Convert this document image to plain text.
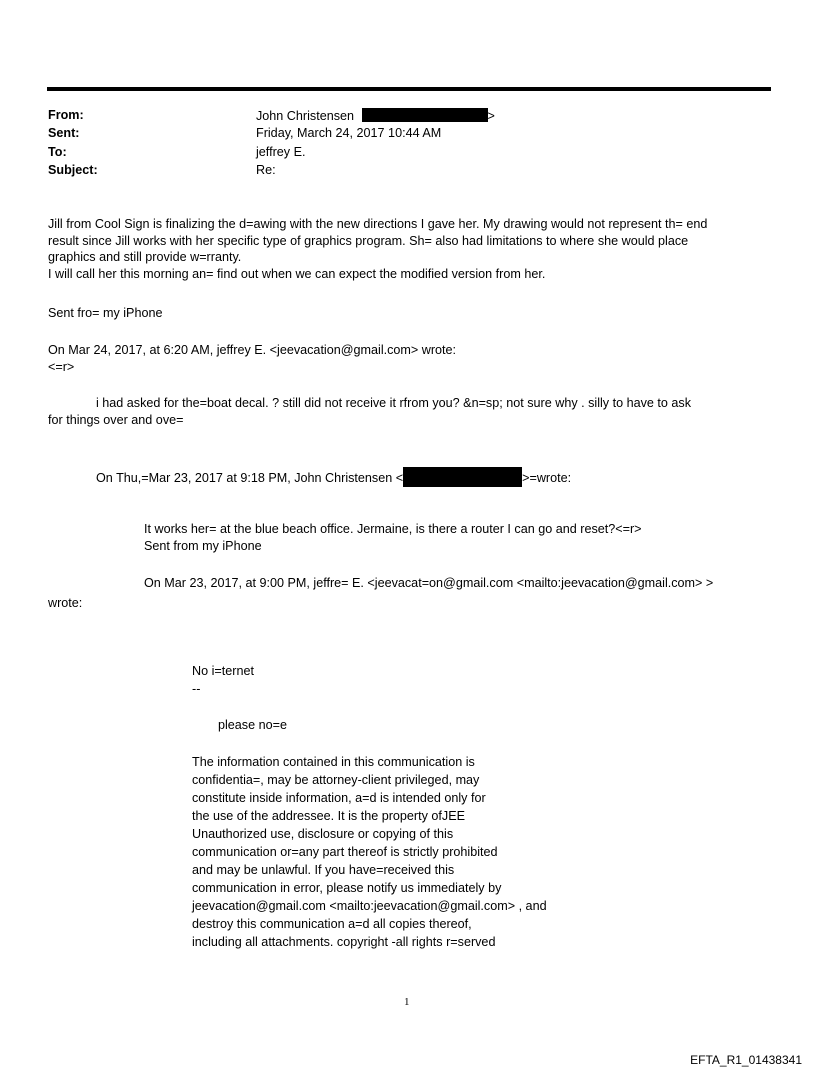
From:	John Christensen	>
Sent:	Friday, March 24, 2017 10:44 AM
To:	jeffrey E.
Subject:	Re:
Jill from Cool Sign is finalizing the d=awing with the new directions I gave her. My drawing would not represent th= end
result since Jill works with her specific type of graphics program. Sh= also had limitations to where she would place
graphics and still provide w=rranty.
I will call her this morning an= find out when we can expect the modified version from her.
Sent fro= my iPhone
On Mar 24, 2017, at 6:20 AM, jeffrey E. <jeevacation@gmail.com> wrote:
<=r>
i had asked for the=boat decal. ? still did not receive it rfrom you? &n=sp; not sure why . silly to have to ask
for things over and ove=
On Thu,=Mar 23, 2017 at 9:18 PM, John Christensen <	>=wrote:
It works her= at the blue beach office. Jermaine, is there a router I can go and reset?<=r>
Sent from my iPhone
On Mar 23, 2017, at 9:00 PM, jeffre= E. <jeevacat=on@gmail.com <mailto:jeevacation@gmail.com> >
wrote:
No i=ternet
--
please no=e
The information contained in this communication is
confidentia=, may be attorney-client privileged, may
constitute inside information, a=d is intended only for
the use of the addressee. It is the property ofJEE
Unauthorized use, disclosure or copying of this
communication or=any part thereof is strictly prohibited
and may be unlawful. If you have=received this
communication in error, please notify us immediately by
jeevacation@gmail.com <mailto:jeevacation@gmail.com> , and
destroy this communication a=d all copies thereof,
including all attachments. copyright -all rights r=served
1
EFTA_R1_01438341
